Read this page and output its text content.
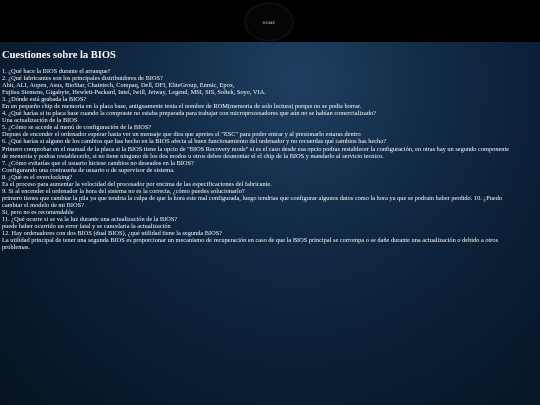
HOME
Cuestiones sobre la BIOS

1. ¿Qué hace la BIOS durante el arranque?

2. ¿Qué fabricantes son los principales distribuidores de BIOS?

Abit, ALI, Aopen, Asus, BioStar, Chaintech, Compaq, Dell, DFI, EliteGroup, Enmic, Epox,

Fujitsu Siemens, Gigabyte, Hewlett-Packard, Intel, Iwill, Jetway, Legend, MSI, SIS, Soltek, Soyo, VIA.

3. ¿Dónde está grabada la BIOS?

En un pequeño chip de memoria en la placa base, antiguamente tenia el nombre de ROM(memoria de solo lectura) porque no se podia borrar.

4. ¿Qué harías si tu placa base cuando la compraste no estaba preparada para trabajar con microprocesadores que aún no se habían comercializado?

Una actualización de la BIOS

5. ¿Cómo se accede al menú de configuración de la BIOS?

Depues de encender el ordenador esperar hasta ver un mensaje que dira que apretes el "ESC" para poder entrar y al presionarlo estaras dentro

6. ¿Qué harías si alguno de los cambios que has hecho en la BIOS afecta al buen funcionamiento del ordenador y no recuerdas qué cambios has hecho?

Primero comprobar en el manual de la placa si la BIOS tiene la opcio de "BIOS Recovery mode" si es el caso desde esa opcio podras restablecer la configuración, en otras hay un segundo componente

de memoria y podras restablecerlo, si no tiene ninguno de los dos modos u otros debes desmontar el el chip de la BIOS y mandarlo al servicio tecnico.

7. ¿Cómo evitarías que el usuario hiciese cambios no deseados en la BIOS?

Configurando una contraseña de usuario o de supervisor de sistema.

8. ¿Qué es el overclocking?

Es el proceso para aumentar la velocidad del procesador por encima de las especificaciones del fabricante.

9. Si al encender el ordenador la hora del sistema no es la correcta, ¿cómo puedes solucionarlo?

primero tienes que cambiar la pila ya que tendria la culpa de que la hora este mal configurada, luego tendrias que configurar algunos datos como la hora ya que se podrain haber perdido. 10. ¿Puedo

cambiar el modelo de mi BIOS?

Si, pero no es recomendable

11. ¿Qué ocurre si se va la luz durante una actualización de la BIOS?

puede haber ocurrido un error fatal y se cancelaria la actualización

12. Hay ordenadores con dos BIOS (dual BIOS), ¿qué utilidad tiene la segunda BIOS?

La utilidad principal de tener una segunda BIOS es proporcionar un mecanismo de recuperación en caso de que la BIOS principal se corrompa o se dañe durante una actualización o debido a otros

problemas.
